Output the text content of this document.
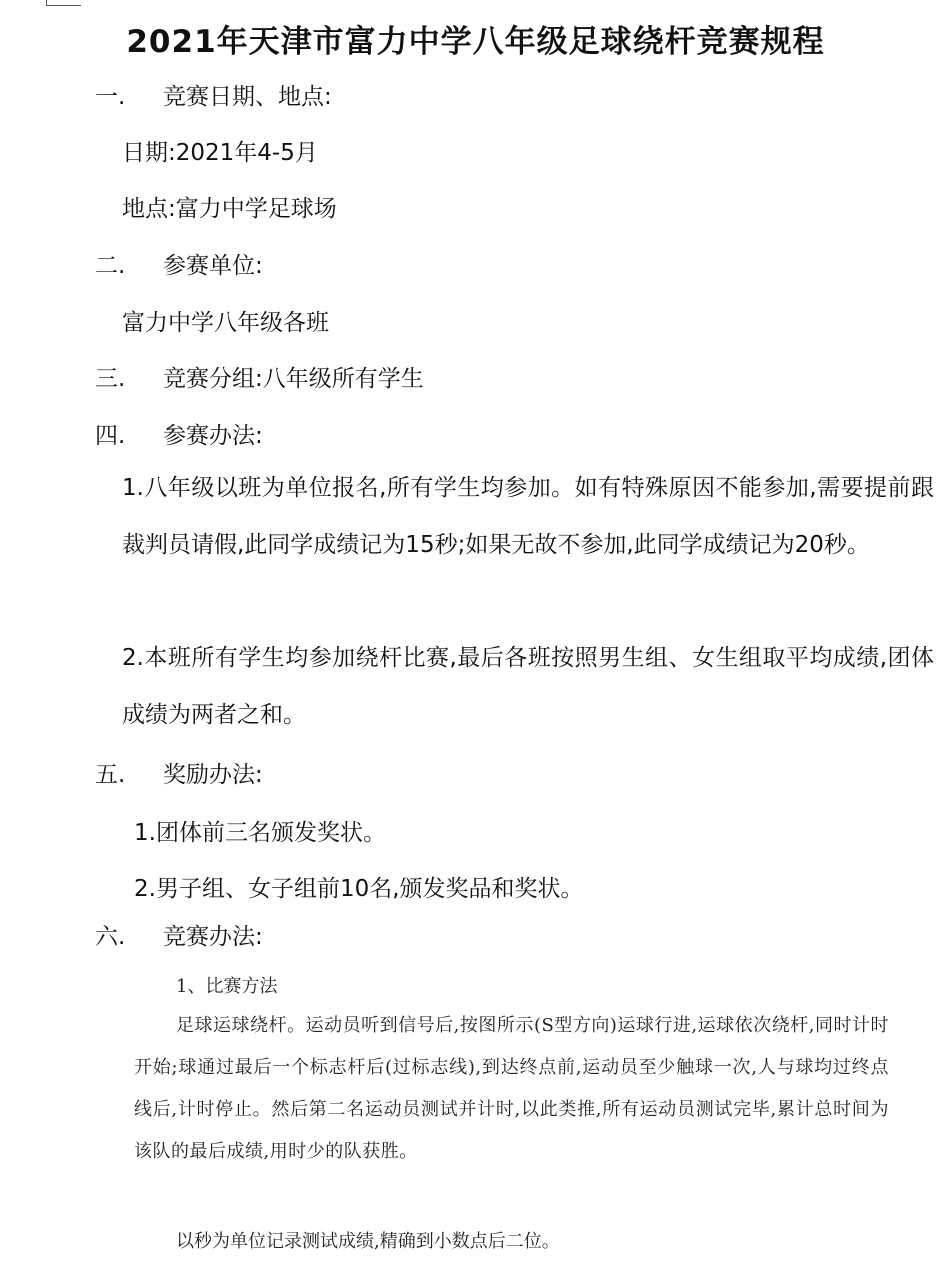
2021年天津市富力中学八年级足球绕杆竞赛规程
一. 竞赛日期、地点:
日期:2021年4-5月
地点:富力中学足球场
二. 参赛单位:
富力中学八年级各班
三. 竞赛分组:八年级所有学生
四. 参赛办法:
1.八年级以班为单位报名,所有学生均参加。如有特殊原因不能参加,需要提前跟裁判员请假,此同学成绩记为15秒;如果无故不参加,此同学成绩记为20秒。
2.本班所有学生均参加绕杆比赛,最后各班按照男生组、女生组取平均成绩,团体成绩为两者之和。
五. 奖励办法:
1.团体前三名颁发奖状。
2.男子组、女子组前10名,颁发奖品和奖状。
六. 竞赛办法:
1、比赛方法
足球运球绕杆。运动员听到信号后,按图所示(S型方向)运球行进,运球依次绕杆,同时计时开始;球通过最后一个标志杆后(过标志线),到达终点前,运动员至少触球一次,人与球均过终点线后,计时停止。然后第二名运动员测试并计时,以此类推,所有运动员测试完毕,累计总时间为该队的最后成绩,用时少的队获胜。
以秒为单位记录测试成绩,精确到小数点后二位。
